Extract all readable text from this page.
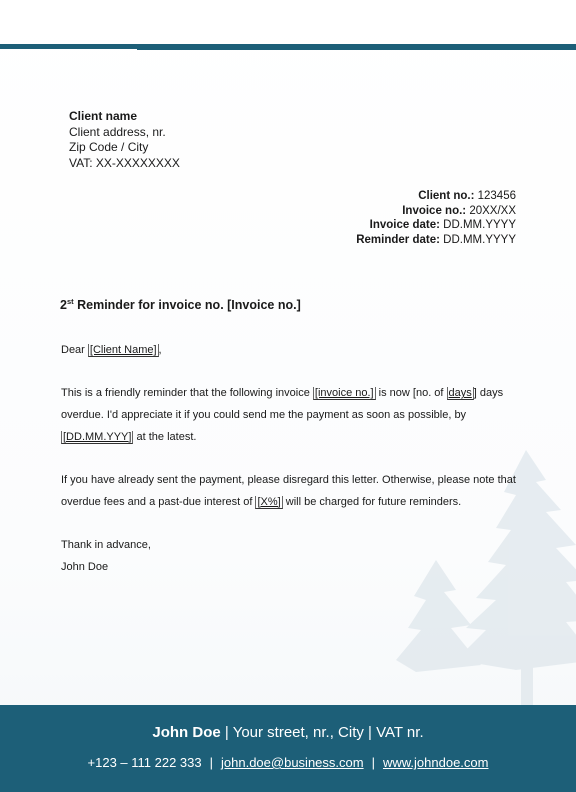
Client name
Client address, nr.
Zip Code / City
VAT: XX-XXXXXXXX
Client no.: 123456
Invoice no.: 20XX/XX
Invoice date: DD.MM.YYYY
Reminder date: DD.MM.YYYY
2st Reminder for invoice no. [Invoice no.]

Dear [Client Name] ,

This is a friendly reminder that the following invoice [invoice no.] is now [no. of days ] days overdue. I'd appreciate it if you could send me the payment as soon as possible, by [DD.MM.YYY] at the latest.

If you have already sent the payment, please disregard this letter. Otherwise, please note that overdue fees and a past-due interest of [X%] will be charged for future reminders.

Thank in advance,
John Doe
John Doe | Your street, nr., City | VAT nr.
+123 – 111 222 333 | john.doe@business.com | www.johndoe.com
